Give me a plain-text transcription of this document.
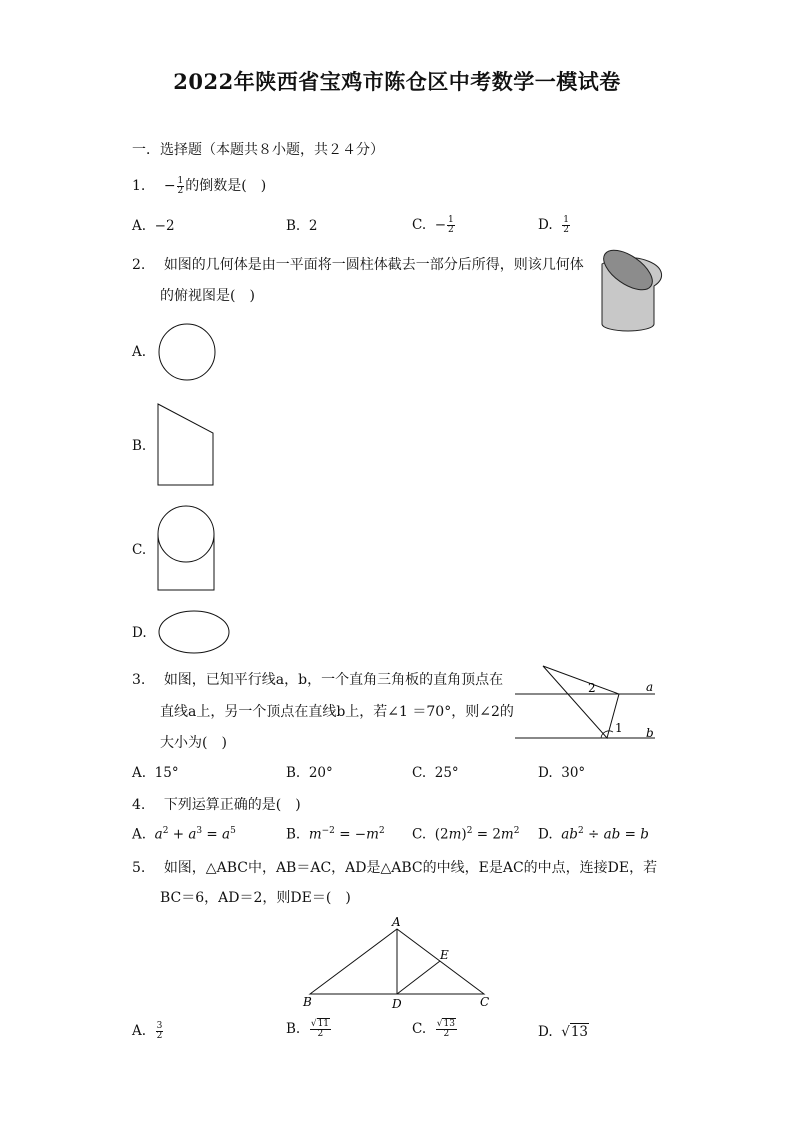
2022年陕西省宝鸡市陈仓区中考数学一模试卷
一．选择题（本题共８小题，共２４分）
1. − $\frac{1}{2}$ 的倒数是(　)
A. −2	B. 2	C. − $\frac{1}{2}$	D. $\frac{1}{2}$
2. 如图的几何体是由一平面将一圆柱体截去一部分后所得，则该几何体
的俯视图是(　)
A.
B.
C.
D.
3. 如图，已知平行线a，b，一个直角三角板的直角顶点在
直线a上，另一个顶点在直线b上，若∠1 ＝70°，则∠2的
大小为(　)
a
b
1
2
A. 15°	B. 20°	C. 25°	D. 30°
4. 下列运算正确的是(　)
A. $a^2 + a^3 = a^5$	B. $m^{-2} = -m^2$ C.  $(2m)^2 = 2m^2$ D. $ab^2$ ÷ ab = b
5. 如图，△ABC中，AB＝AC，AD是△ABC的中线，E是AC的中点，连接DE，若
BC＝6，AD＝2，则DE＝(　)
A
B	C
D
E
A. $\frac{3}{2}$	B. $\frac{√11}{2}$	C. $\frac{√13}{2}$	D.  √13
